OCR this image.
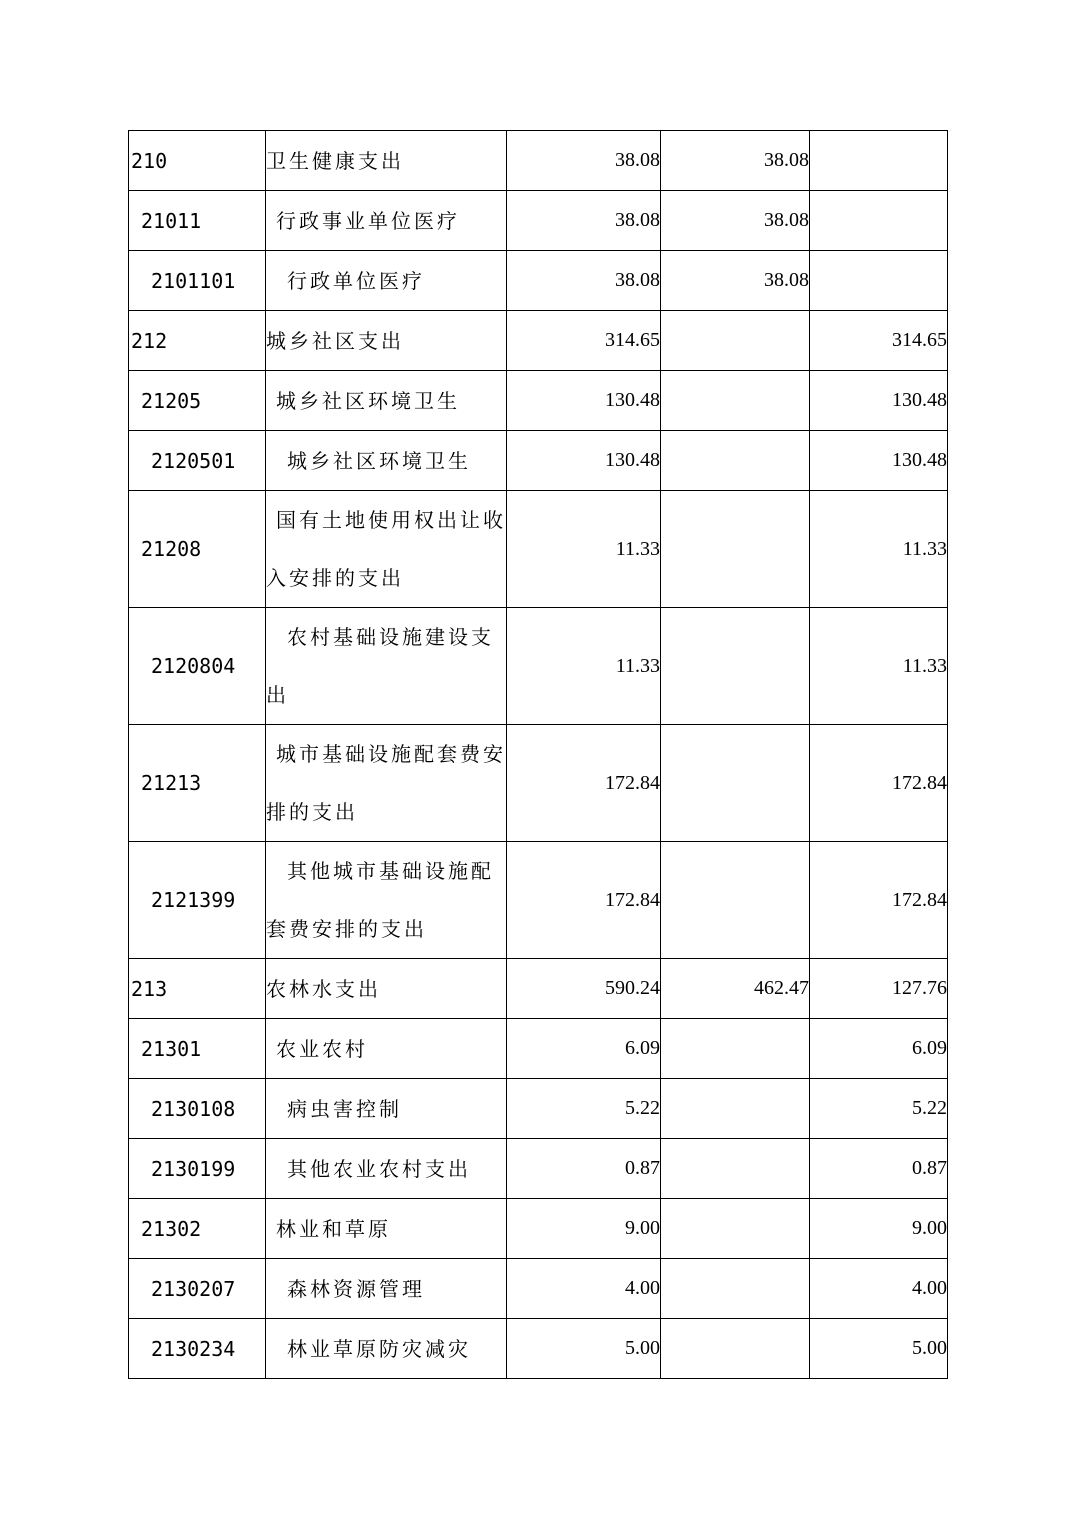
210	卫生健康支出	38.08	38.08	
21011	行政事业单位医疗	38.08	38.08	
2101101	行政单位医疗	38.08	38.08	
212	城乡社区支出	314.65		314.65
21205	城乡社区环境卫生	130.48		130.48
2120501	城乡社区环境卫生	130.48		130.48
21208	国有土地使用权出让收入安排的支出	11.33		11.33
2120804	农村基础设施建设支出	11.33		11.33
21213	城市基础设施配套费安排的支出	172.84		172.84
2121399	其他城市基础设施配套费安排的支出	172.84		172.84
213	农林水支出	590.24	462.47	127.76
21301	农业农村	6.09		6.09
2130108	病虫害控制	5.22		5.22
2130199	其他农业农村支出	0.87		0.87
21302	林业和草原	9.00		9.00
2130207	森林资源管理	4.00		4.00
2130234	林业草原防灾减灾	5.00		5.00
